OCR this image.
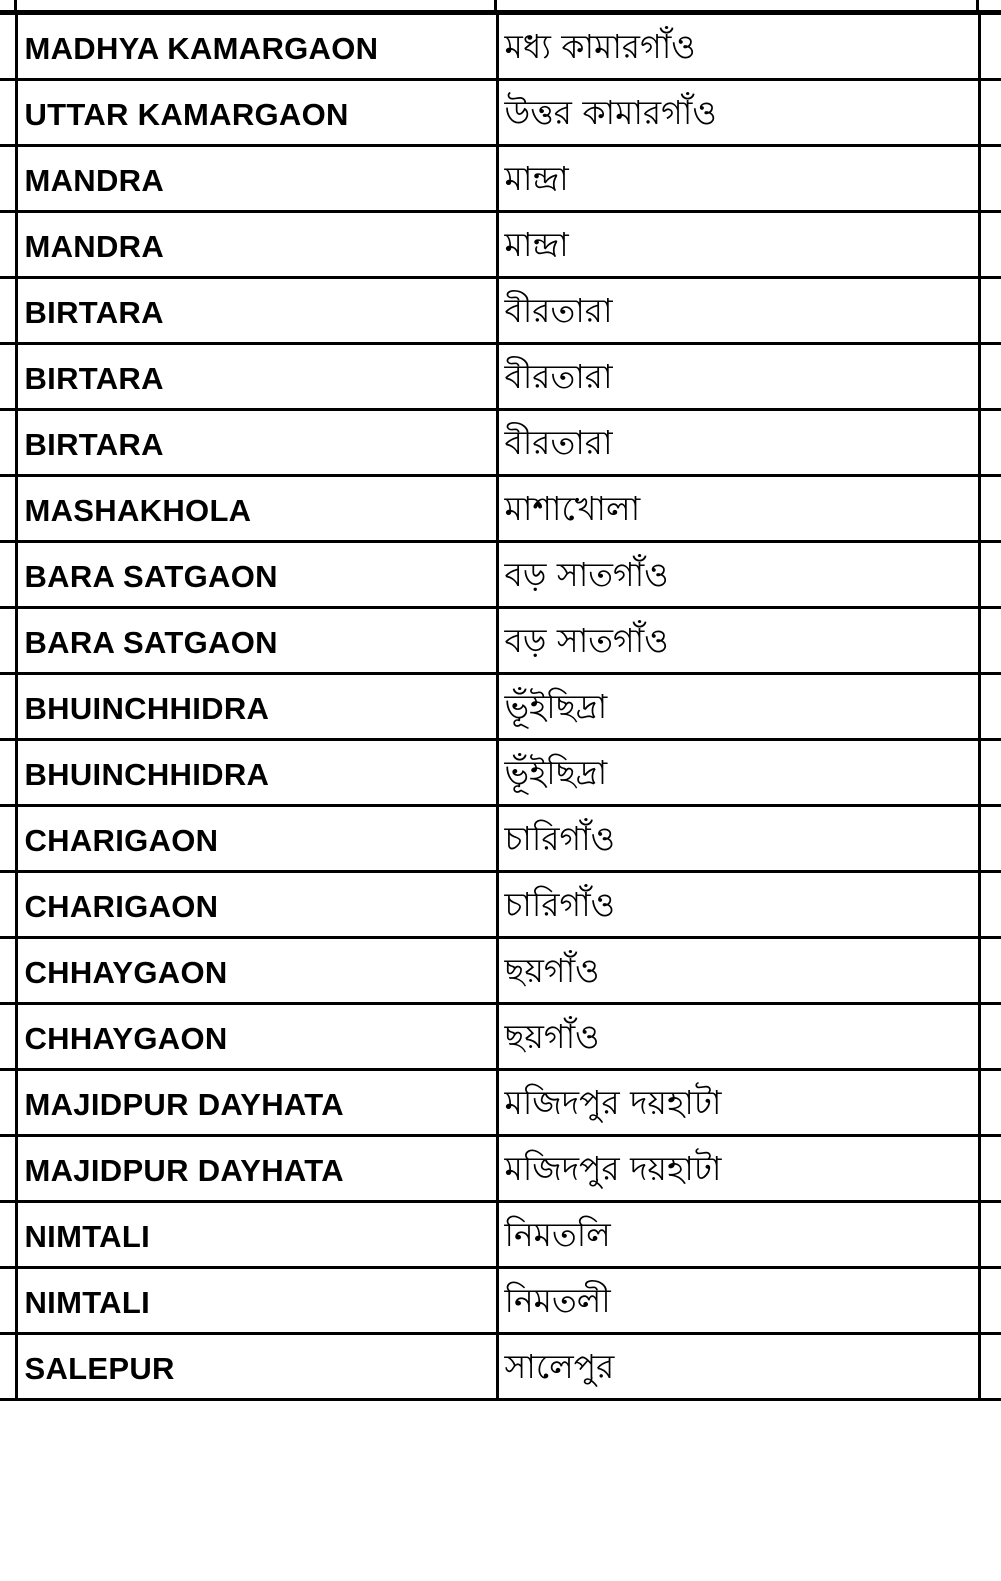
	MADHYA KAMARGAON	মধ্য কামারগাঁও	
	UTTAR KAMARGAON	উত্তর কামারগাঁও	
	MANDRA	মান্দ্রা	
	MANDRA	মান্দ্রা	
	BIRTARA	বীরতারা	
	BIRTARA	বীরতারা	
	BIRTARA	বীরতারা	
	MASHAKHOLA	মাশাখোলা	
	BARA SATGAON	বড় সাতগাঁও	
	BARA SATGAON	বড় সাতগাঁও	
	BHUINCHHIDRA	ভূঁইছিদ্রা	
	BHUINCHHIDRA	ভূঁইছিদ্রা	
	CHARIGAON	চারিগাঁও	
	CHARIGAON	চারিগাঁও	
	CHHAYGAON	ছয়গাঁও	
	CHHAYGAON	ছয়গাঁও	
	MAJIDPUR DAYHATA	মজিদপুর দয়হাটা	
	MAJIDPUR DAYHATA	মজিদপুর দয়হাটা	
	NIMTALI	নিমতলি	
	NIMTALI	নিমতলী	
	SALEPUR	সালেপুর	
